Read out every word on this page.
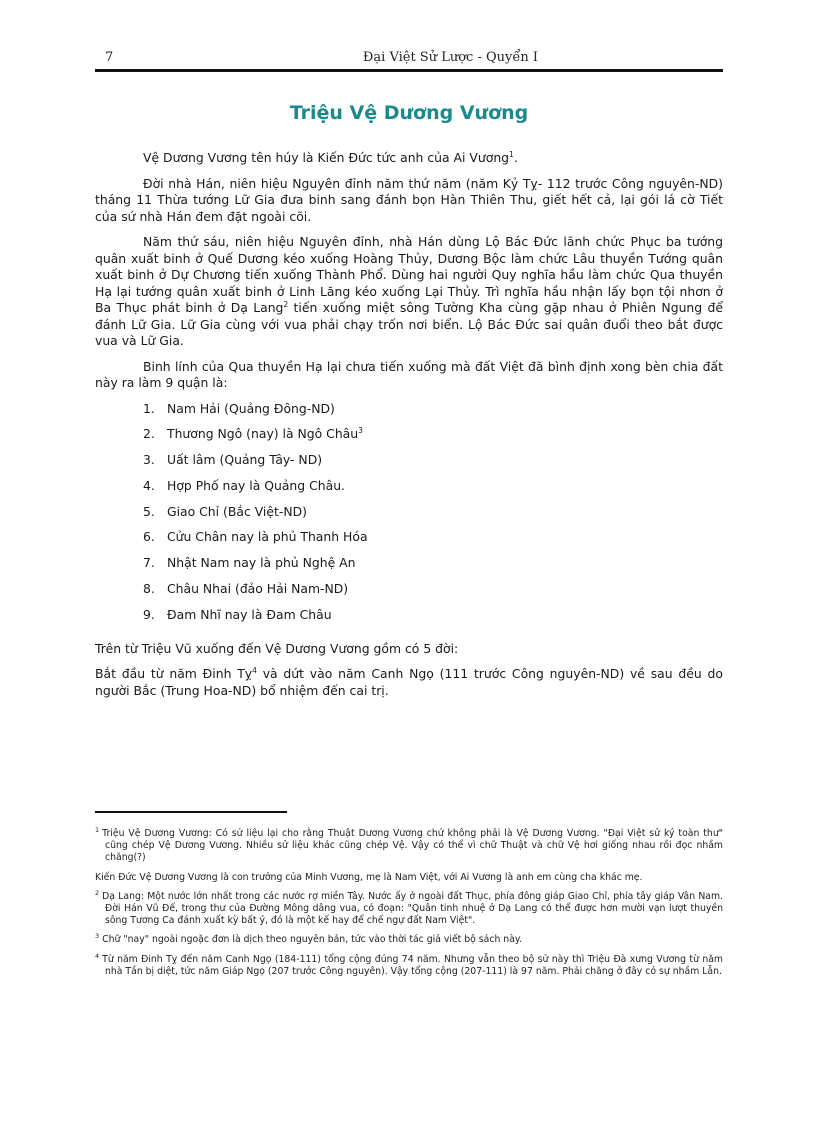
7	Đại Việt Sử Lược - Quyển I
Triệu Vệ Dương Vương

Vệ Dương Vương tên húy là Kiến Đức tức anh của Ai Vương$^1$.

Đời nhà Hán, niên hiệu Nguyên đỉnh năm thứ năm (năm Kỷ Tỵ- 112 trước Công nguyên-ND) tháng 11 Thừa tướng Lữ Gia đưa binh sang đánh bọn Hàn Thiên Thu, giết hết cả, lại gói lá cờ Tiết của sứ nhà Hán đem đặt ngoài cõi.

Năm thứ sáu, niên hiệu Nguyên đỉnh, nhà Hán dùng Lộ Bác Đức lãnh chức Phục ba tướng quân xuất binh ở Quế Dương kéo xuống Hoàng Thủy, Dương Bộc làm chức Lâu thuyền Tướng quân xuất binh ở Dự Chương tiến xuống Thành Phổ. Dùng hai người Quy nghĩa hầu làm chức Qua thuyền Hạ lại tướng quân xuất binh ở Linh Lăng kéo xuống Lại Thủy. Trì nghĩa hầu nhận lấy bọn tội nhơn ở Ba Thục phát binh ở Dạ Lang$^2$ tiến xuống miệt sông Tường Kha cùng gặp nhau ở Phiên Ngung để đánh Lữ Gia. Lữ Gia cùng với vua phải chạy trốn nơi biển. Lộ Bác Đức sai quân đuổi theo bắt được vua và Lữ Gia.

Binh lính của Qua thuyền Hạ lại chưa tiến xuống mà đất Việt đã bình định xong bèn chia đất này ra làm 9 quận là:

1. Nam Hải (Quảng Đông-ND)
2. Thương Ngô (nay) là Ngô Châu$^3$
3. Uất lâm (Quảng Tây- ND)
4. Hợp Phố nay là Quảng Châu.
5. Giao Chỉ (Bắc Việt-ND)
6. Cửu Chân nay là phủ Thanh Hóa
7. Nhật Nam nay là phủ Nghệ An
8. Châu Nhai (đảo Hải Nam-ND)
9. Đam Nhĩ nay là Đam Châu

Trên từ Triệu Vũ xuống đến Vệ Dương Vương gồm có 5 đời:

Bắt đầu từ năm Đinh Tỵ$^4$ và dứt vào năm Canh Ngọ (111 trước Công nguyên-ND) về sau đều do người Bắc (Trung Hoa-ND) bổ nhiệm đến cai trị.

$^1$ Triệu Vệ Dương Vương: Có sử liệu lại cho rằng Thuật Dương Vương chứ không phải là Vệ Dương Vương. "Đại Việt sử ký toàn thư" cũng chép Vệ Dương Vương. Nhiều sử liệu khác cũng chép Vệ. Vậy có thể vì chữ Thuật và chữ Vệ hơi giống nhau rồi đọc nhầm chăng(?)
Kiến Đức Vệ Dương Vương là con trưởng của Minh Vương, mẹ là Nam Việt, với Ai Vương là anh em cùng cha khác mẹ.
$^2$ Dạ Lang: Một nước lớn nhất trong các nước rợ miền Tây. Nước ấy ở ngoài đất Thục, phía đông giáp Giao Chỉ, phía tây giáp Vân Nam. Đời Hán Vũ Đế, trong thư của Đường Mông dâng vua, có đoạn: "Quân tinh nhuệ ở Dạ Lang có thể được hơn mười vạn lượt thuyền sông Tương Ca đánh xuất kỳ bất ý, đó là một kế hay để chế ngự đất Nam Việt".
$^3$ Chữ "nay" ngoài ngoặc đơn là dịch theo nguyên bản, tức vào thời tác giả viết bộ sách này.
$^4$ Từ năm Đinh Tỵ đến năm Canh Ngọ (184-111) tổng cộng đúng 74 năm. Nhưng vẫn theo bộ sử này thì Triệu Đà xưng Vương từ năm nhà Tần bị diệt, tức năm Giáp Ngọ (207 trước Công nguyên). Vậy tổng cộng (207-111) là 97 năm. Phải chăng ở đây có sự nhầm Lẫn.
